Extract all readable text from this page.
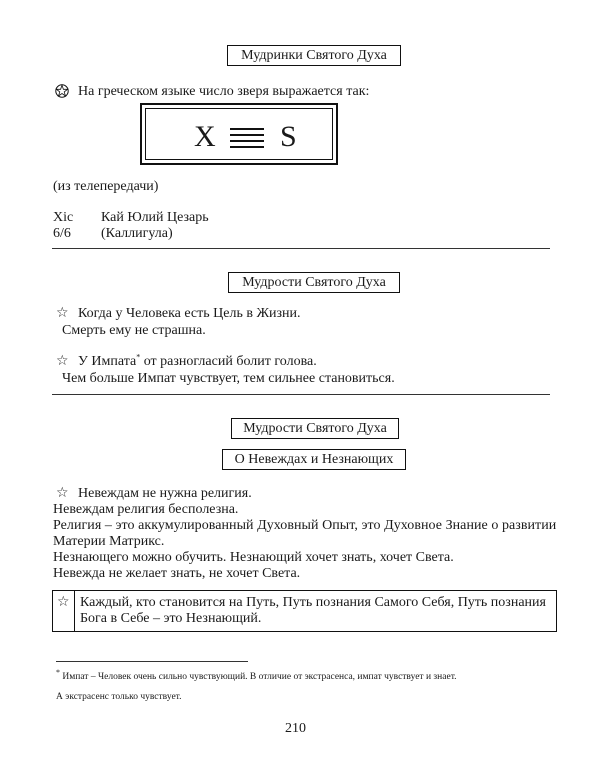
Мудринки Святого Духа
На греческом языке число зверя выражается так:
X S
(из телепередачи)
Xic Кай Юлий Цезарь
6/6 (Каллигула)
Мудрости Святого Духа
☆ Когда у Человека есть Цель в Жизни.
Смерть ему не страшна.
☆ У Импата* от разногласий болит голова.
Чем больше Импат чувствует, тем сильнее становиться.
Мудрости Святого Духа
О Невеждах и Незнающих
☆ Невеждам не нужна религия.
Невеждам религия бесполезна.
Религия – это аккумулированный Духовный Опыт, это Духовное Знание о развитии
Материи Матрикс.
Незнающего можно обучить. Незнающий хочет знать, хочет Света.
Невежда не желает знать, не хочет Света.
☆ Каждый, кто становится на Путь, Путь познания Самого Себя, Путь познания
Бога в Себе – это Незнающий.
* Импат – Человек очень сильно чувствующий. В отличие от экстрасенса, импат чувствует и знает.
А экстрасенс только чувствует.
210
